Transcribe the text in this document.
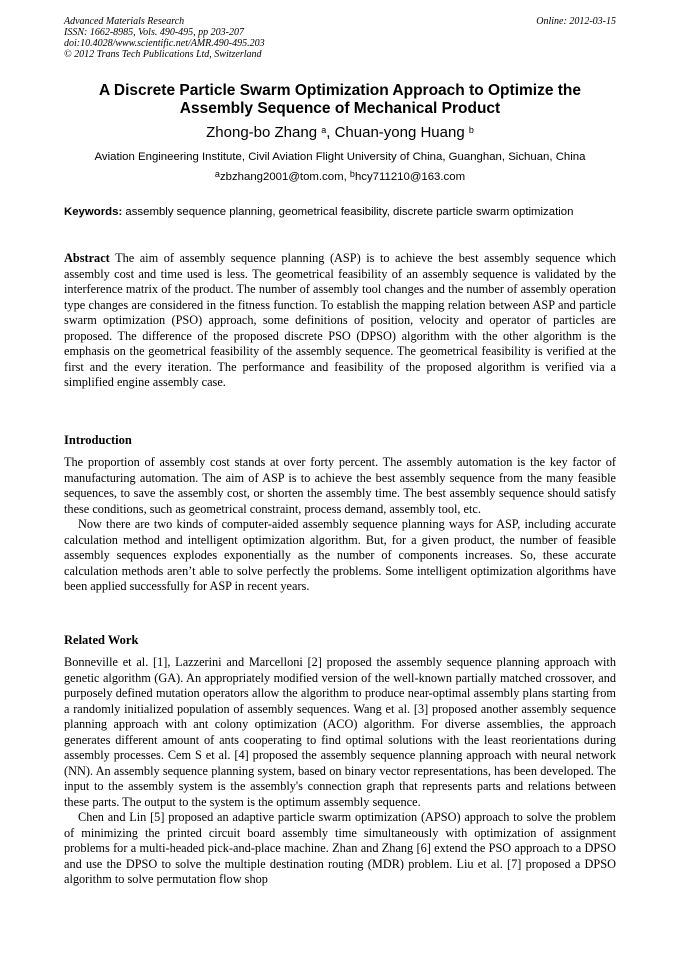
Advanced Materials Research	Online: 2012-03-15
ISSN: 1662-8985, Vols. 490-495, pp 203-207
doi:10.4028/www.scientific.net/AMR.490-495.203
© 2012 Trans Tech Publications Ltd, Switzerland
A Discrete Particle Swarm Optimization Approach to Optimize the Assembly Sequence of Mechanical Product
Zhong-bo Zhang $^a$, Chuan-yong Huang $^b$
Aviation Engineering Institute, Civil Aviation Flight University of China, Guanghan, Sichuan, China
$^a$zbzhang2001@tom.com, $^b$hcy711210@163.com
Keywords: assembly sequence planning, geometrical feasibility, discrete particle swarm optimization

Abstract The aim of assembly sequence planning (ASP) is to achieve the best assembly sequence which assembly cost and time used is less. The geometrical feasibility of an assembly sequence is validated by the interference matrix of the product. The number of assembly tool changes and the number of assembly operation type changes are considered in the fitness function. To establish the mapping relation between ASP and particle swarm optimization (PSO) approach, some definitions of position, velocity and operator of particles are proposed. The difference of the proposed discrete PSO (DPSO) algorithm with the other algorithm is the emphasis on the geometrical feasibility of the assembly sequence. The geometrical feasibility is verified at the first and the every iteration. The performance and feasibility of the proposed algorithm is verified via a simplified engine assembly case.

Introduction

The proportion of assembly cost stands at over forty percent. The assembly automation is the key factor of manufacturing automation. The aim of ASP is to achieve the best assembly sequence from the many feasible sequences, to save the assembly cost, or shorten the assembly time. The best assembly sequence should satisfy these conditions, such as geometrical constraint, process demand, assembly tool, etc.

Now there are two kinds of computer-aided assembly sequence planning ways for ASP, including accurate calculation method and intelligent optimization algorithm. But, for a given product, the number of feasible assembly sequences explodes exponentially as the number of components increases. So, these accurate calculation methods aren’t able to solve perfectly the problems. Some intelligent optimization algorithms have been applied successfully for ASP in recent years.

Related Work

Bonneville et al. [1], Lazzerini and Marcelloni [2] proposed the assembly sequence planning approach with genetic algorithm (GA). An appropriately modified version of the well-known partially matched crossover, and purposely defined mutation operators allow the algorithm to produce near-optimal assembly plans starting from a randomly initialized population of assembly sequences. Wang et al. [3] proposed another assembly sequence planning approach with ant colony optimization (ACO) algorithm. For diverse assemblies, the approach generates different amount of ants cooperating to find optimal solutions with the least reorientations during assembly processes. Cem S et al. [4] proposed the assembly sequence planning approach with neural network (NN). An assembly sequence planning system, based on binary vector representations, has been developed. The input to the assembly system is the assembly's connection graph that represents parts and relations between these parts. The output to the system is the optimum assembly sequence.

Chen and Lin [5] proposed an adaptive particle swarm optimization (APSO) approach to solve the problem of minimizing the printed circuit board assembly time simultaneously with optimization of assignment problems for a multi-headed pick-and-place machine. Zhan and Zhang [6] extend the PSO approach to a DPSO and use the DPSO to solve the multiple destination routing (MDR) problem. Liu et al. [7] proposed a DPSO algorithm to solve permutation flow shop
